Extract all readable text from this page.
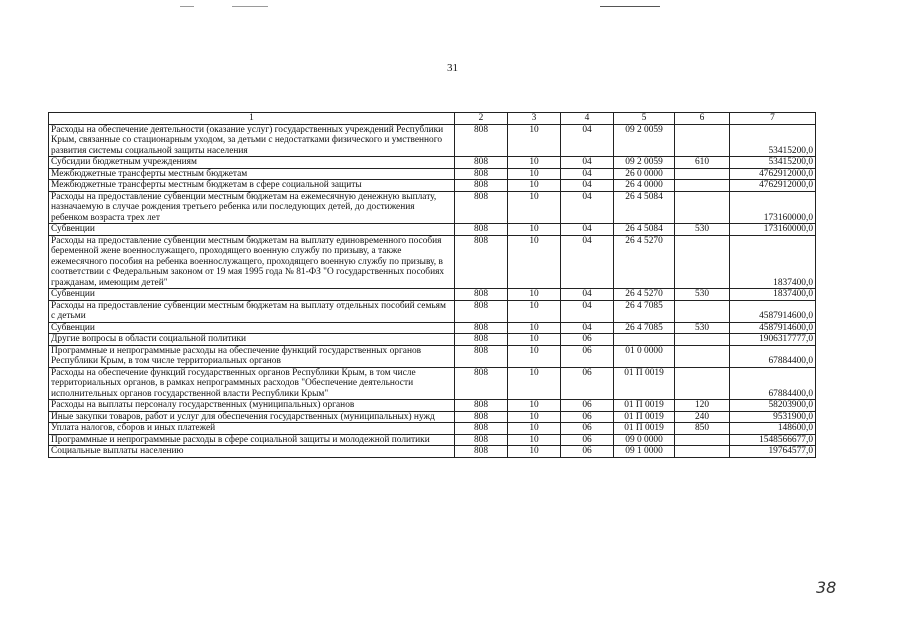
31
1	2	3	4	5	6	7
Расходы на обеспечение деятельности (оказание услуг) государственных учреждений Республики Крым, связанные со стационарным уходом, за детьми с недостатками физического и умственного развития системы социальной защиты населения	808	10	04	09 2 0059		53415200,0
Субсидии бюджетным учреждениям	808	10	04	09 2 0059	610	53415200,0
Межбюджетные трансферты местным бюджетам	808	10	04	26 0 0000		4762912000,0
Межбюджетные трансферты местным бюджетам в сфере социальной защиты	808	10	04	26 4 0000		4762912000,0
Расходы на предоставление субвенции местным бюджетам на ежемесячную денежную выплату, назначаемую в случае рождения третьего ребенка или последующих детей, до достижения ребенком возраста трех лет	808	10	04	26 4 5084		173160000,0
Субвенции	808	10	04	26 4 5084	530	173160000,0
Расходы на предоставление субвенции местным бюджетам на выплату единовременного пособия беременной жене военнослужащего, проходящего военную службу по призыву, а также ежемесячного пособия на ребенка военнослужащего, проходящего военную службу по призыву, в соответствии с Федеральным законом от 19 мая 1995 года № 81-ФЗ "О государственных пособиях гражданам, имеющим детей"	808	10	04	26 4 5270		1837400,0
Субвенции	808	10	04	26 4 5270	530	1837400,0
Расходы на предоставление субвенции местным бюджетам на выплату отдельных пособий семьям с детьми	808	10	04	26 4 7085		4587914600,0
Субвенции	808	10	04	26 4 7085	530	4587914600,0
Другие вопросы в области социальной политики	808	10	06			1906317777,0
Программные и непрограммные расходы на обеспечение функций государственных органов Республики Крым, в том числе территориальных органов	808	10	06	01 0 0000		67884400,0
Расходы на обеспечение функций государственных органов Республики Крым, в том числе территориальных органов, в рамках непрограммных расходов "Обеспечение деятельности исполнительных органов государственной власти Республики Крым"	808	10	06	01 П 0019		67884400,0
Расходы на выплаты персоналу государственных (муниципальных) органов	808	10	06	01 П 0019	120	58203900,0
Иные закупки товаров, работ и услуг для обеспечения государственных (муниципальных) нужд	808	10	06	01 П 0019	240	9531900,0
Уплата налогов, сборов и иных платежей	808	10	06	01 П 0019	850	148600,0
Программные и непрограммные расходы в сфере социальной защиты и молодежной политики	808	10	06	09 0 0000		1548566677,0
Социальные выплаты населению	808	10	06	09 1 0000		19764577,0
38
